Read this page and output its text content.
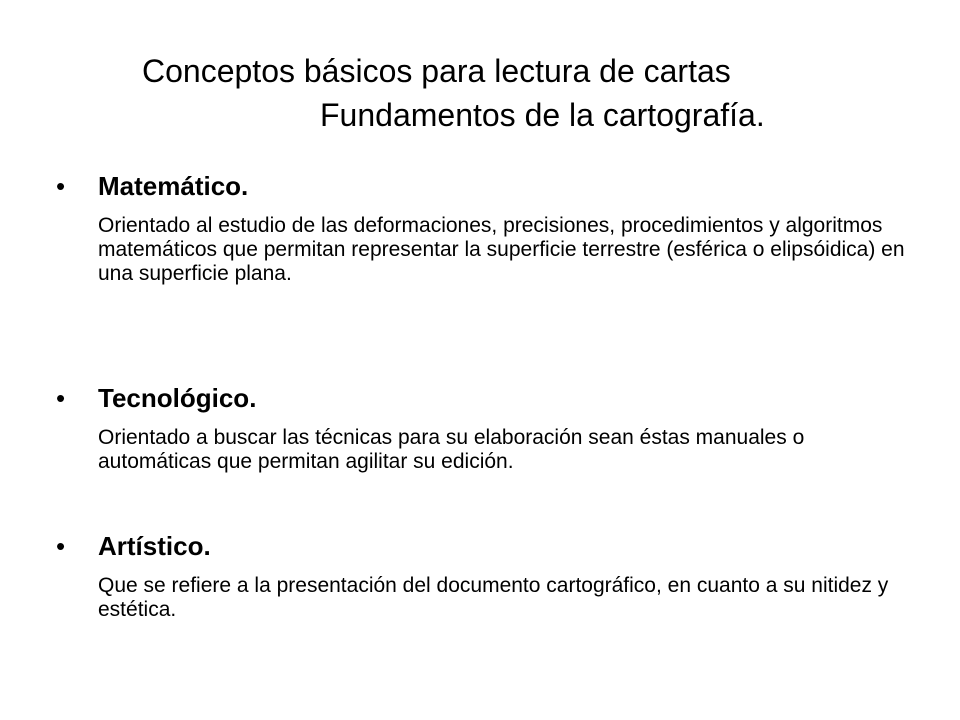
Conceptos básicos para lectura de cartas
Fundamentos de la cartografía.
•	Matemático.
Orientado al estudio de las deformaciones, precisiones, procedimientos y algoritmos matemáticos que permitan representar la superficie terrestre (esférica o elipsóidica) en una superficie plana.
•	Tecnológico.
Orientado a buscar las técnicas para su elaboración sean éstas manuales o automáticas que permitan agilitar su edición.
•	Artístico.
Que se refiere a la presentación del documento cartográfico, en cuanto a su nitidez y estética.
